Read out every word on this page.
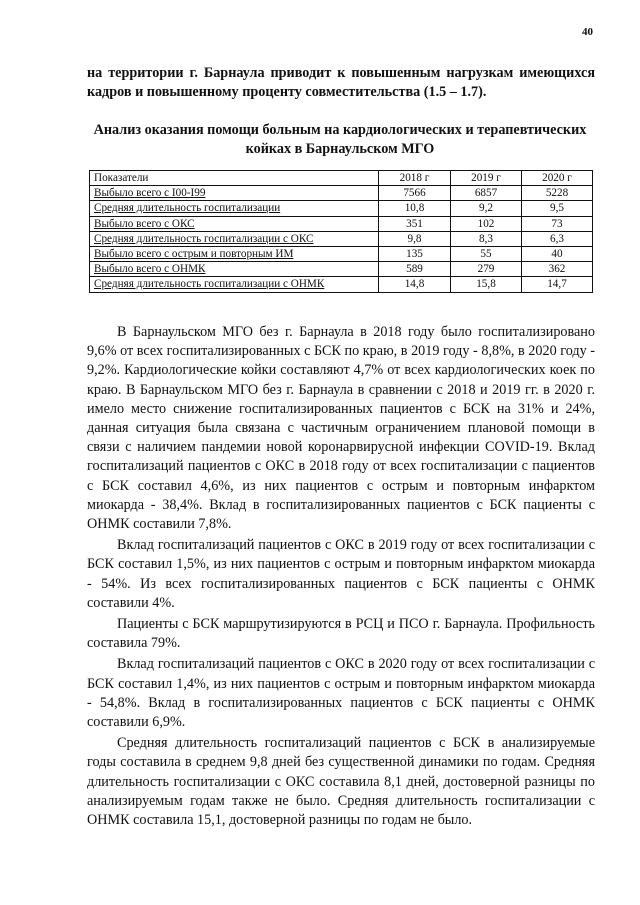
40

на территории г. Барнаула приводит к повышенным нагрузкам имеющихся кадров и повышенному проценту совместительства (1.5 – 1.7).

Анализ оказания помощи больным на кардиологических и терапевтических койках в Барнаульском МГО

Показатели	2018 г	2019 г	2020 г
Выбыло всего с I00-I99	7566	6857	5228
Средняя длительность госпитализации	10,8	9,2	9,5
Выбыло всего с ОКС	351	102	73
Средняя длительность госпитализации с ОКС	9,8	8,3	6,3
Выбыло всего с острым и повторным ИМ	135	55	40
Выбыло всего с ОНМК	589	279	362
Средняя длительность госпитализации с ОНМК	14,8	15,8	14,7

В Барнаульском МГО без г. Барнаула в 2018 году было госпитализировано 9,6% от всех госпитализированных с БСК по краю, в 2019 году - 8,8%, в 2020 году - 9,2%. Кардиологические койки составляют 4,7% от всех кардиологических коек по краю. В Барнаульском МГО без г. Барнаула в сравнении с 2018 и 2019 гг. в 2020 г. имело место снижение госпитализированных пациентов с БСК на 31% и 24%, данная ситуация была связана с частичным ограничением плановой помощи в связи с наличием пандемии новой коронарвирусной инфекции COVID-19. Вклад госпитализаций пациентов с ОКС в 2018 году от всех госпитализации с пациентов с БСК составил 4,6%, из них пациентов с острым и повторным инфарктом миокарда - 38,4%. Вклад в госпитализированных пациентов с БСК пациенты с ОНМК составили 7,8%.

Вклад госпитализаций пациентов с ОКС в 2019 году от всех госпитализации с БСК составил 1,5%, из них пациентов с острым и повторным инфарктом миокарда - 54%. Из всех госпитализированных пациентов с БСК пациенты с ОНМК составили 4%.

Пациенты с БСК маршрутизируются в РСЦ и ПСО г. Барнаула. Профильность составила 79%.

Вклад госпитализаций пациентов с ОКС в 2020 году от всех госпитализации с БСК составил 1,4%, из них пациентов с острым и повторным инфарктом миокарда - 54,8%. Вклад в госпитализированных пациентов с БСК пациенты с ОНМК составили 6,9%.

Средняя длительность госпитализаций пациентов с БСК в анализируемые годы составила в среднем 9,8 дней без существенной динамики по годам. Средняя длительность госпитализации с ОКС составила 8,1 дней, достоверной разницы по анализируемым годам также не было. Средняя длительность госпитализации с ОНМК составила 15,1, достоверной разницы по годам не было.
